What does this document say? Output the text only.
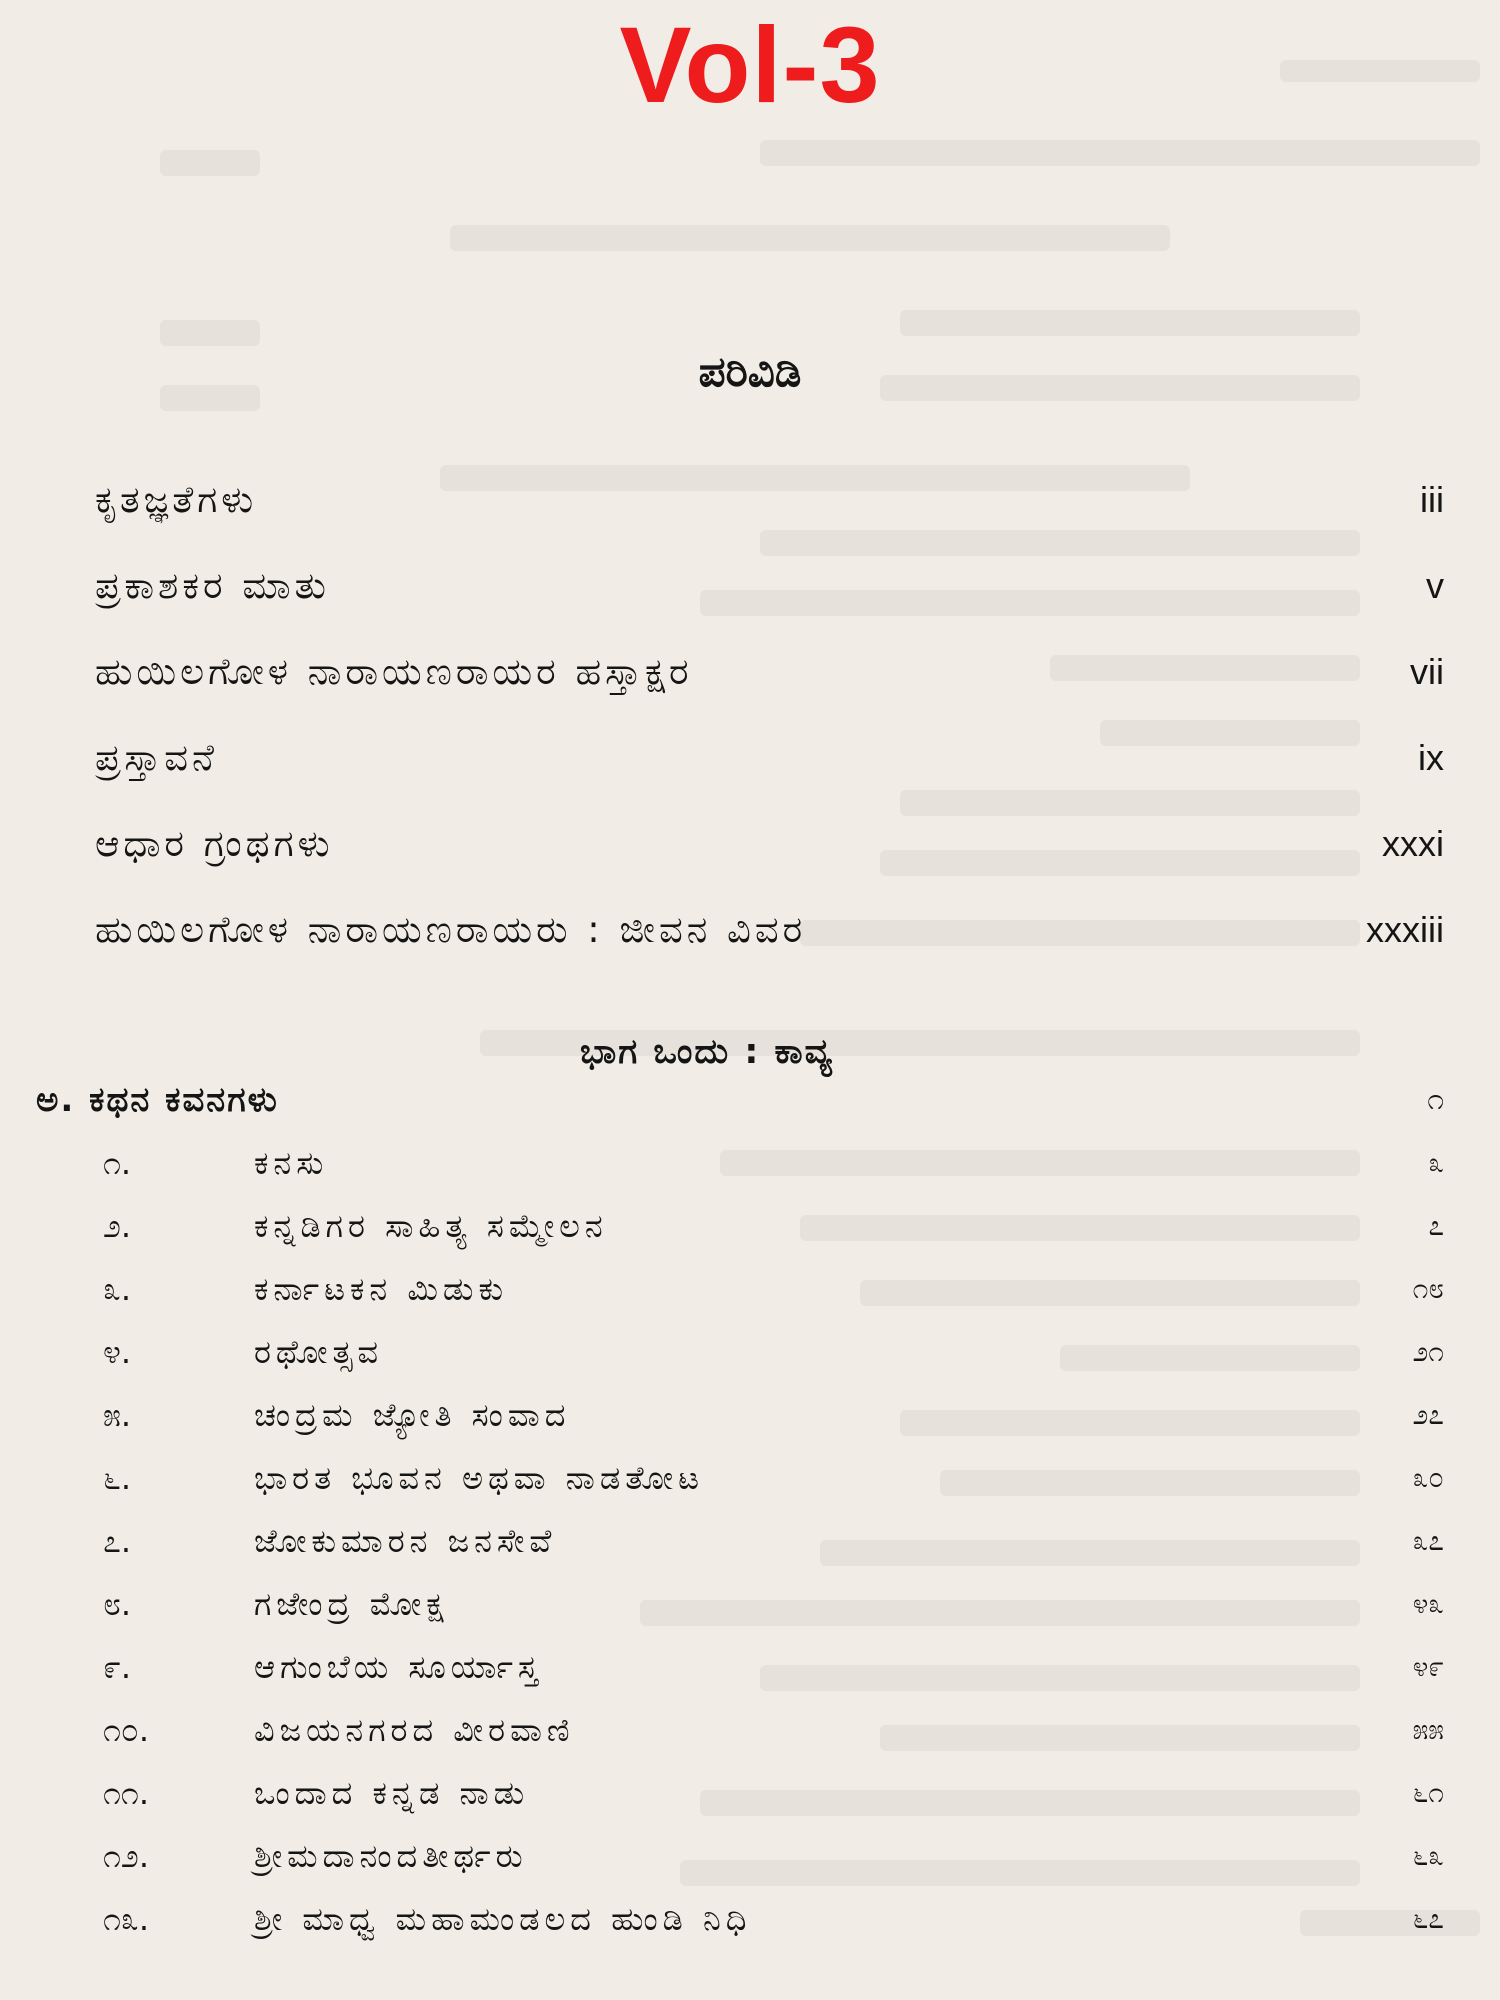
Vol-3
ಪರಿವಿಡಿ
ಕೃತಜ್ಞತೆಗಳು	iii
ಪ್ರಕಾಶಕರ ಮಾತು	v
ಹುಯಿಲಗೋಳ ನಾರಾಯಣರಾಯರ ಹಸ್ತಾಕ್ಷರ	vii
ಪ್ರಸ್ತಾವನೆ	ix
ಆಧಾರ ಗ್ರಂಥಗಳು	xxxi
ಹುಯಿಲಗೋಳ ನಾರಾಯಣರಾಯರು : ಜೀವನ ವಿವರ	xxxiii
ಭಾಗ ಒಂದು : ಕಾವ್ಯ
ಅ. ಕಥನ ಕವನಗಳು	೧
೧.	ಕನಸು	೩
೨.	ಕನ್ನಡಿಗರ ಸಾಹಿತ್ಯ ಸಮ್ಮೇಲನ	೭
೩.	ಕರ್ನಾಟಕನ ಮಿಡುಕು	೧೮
೪.	ರಥೋತ್ಸವ	೨೧
೫.	ಚಂದ್ರಮ ಜ್ಯೋತಿ ಸಂವಾದ	೨೭
೬.	ಭಾರತ ಭೂವನ ಅಥವಾ ನಾಡತೋಟ	೩೦
೭.	ಜೋಕುಮಾರನ ಜನಸೇವೆ	೩೭
೮.	ಗಜೇಂದ್ರ ಮೋಕ್ಷ	೪೩
೯.	ಆಗುಂಬೆಯ ಸೂರ್ಯಾಸ್ತ	೪೯
೧೦.	ವಿಜಯನಗರದ ವೀರವಾಣಿ	೫೫
೧೧.	ಒಂದಾದ ಕನ್ನಡ ನಾಡು	೬೧
೧೨.	ಶ್ರೀಮದಾನಂದತೀರ್ಥರು	೬೩
೧೩.	ಶ್ರೀ ಮಾಧ್ವ ಮಹಾಮಂಡಲದ ಹುಂಡಿ ನಿಧಿ	೬೭
